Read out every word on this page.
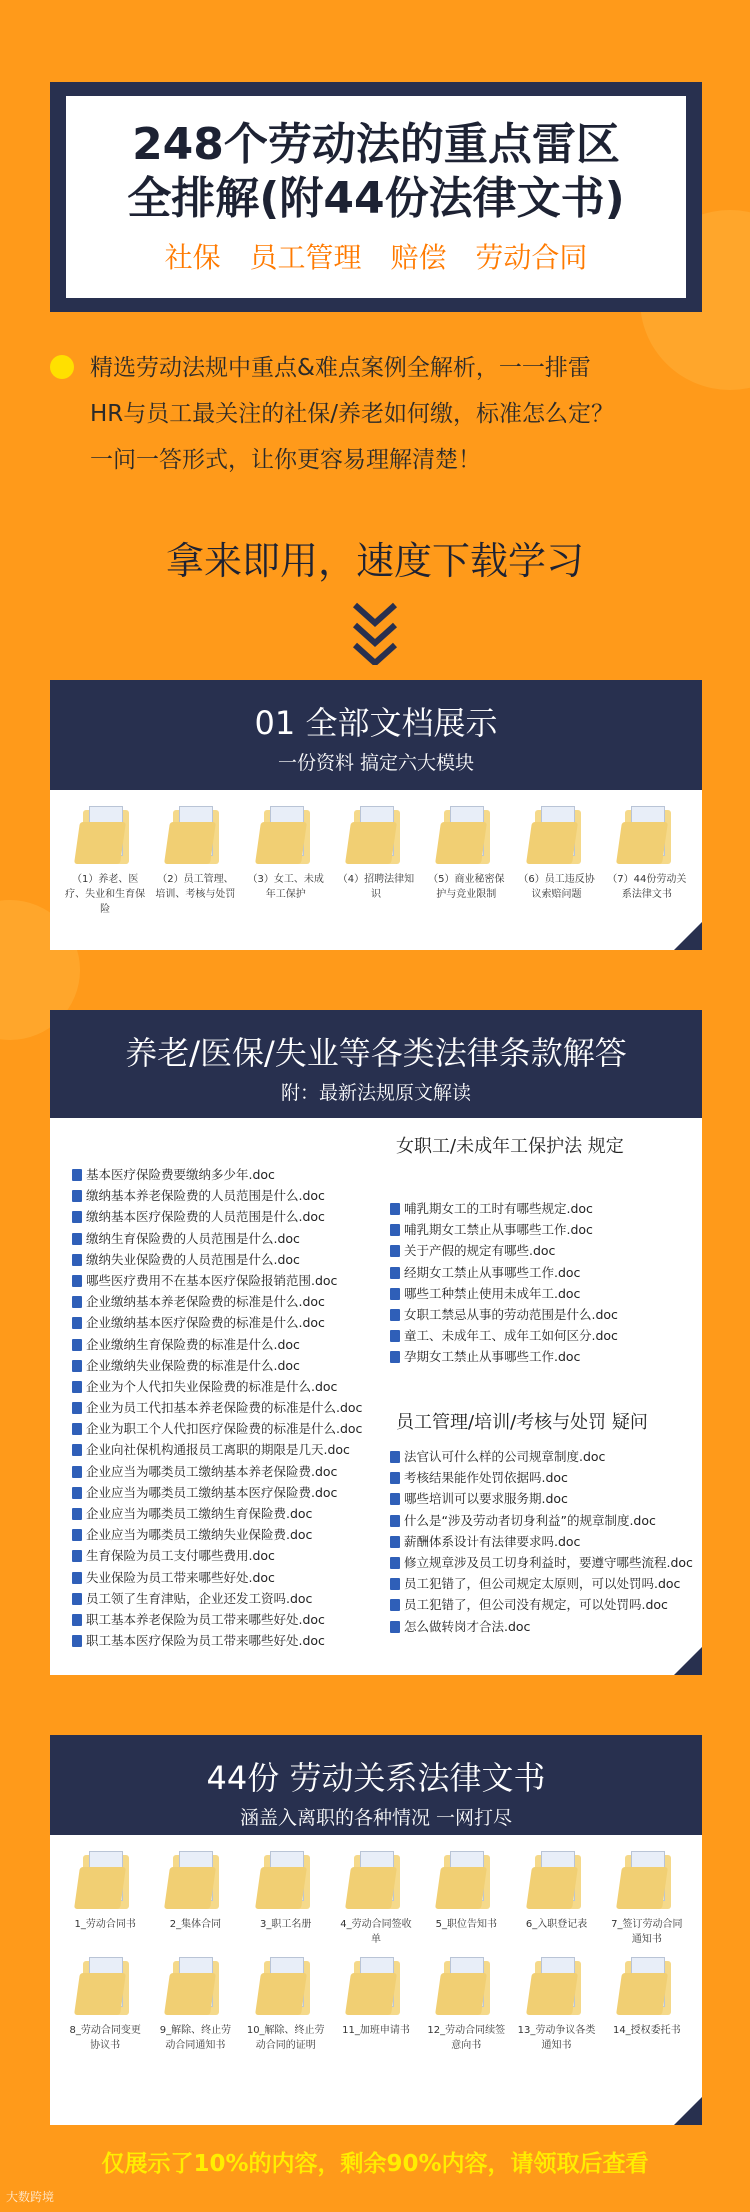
248个劳动法的重点雷区
全排解(附44份法律文书)
社保 员工管理 赔偿 劳动合同

精选劳动法规中重点&难点案例全解析，一一排雷

HR与员工最关注的社保/养老如何缴，标准怎么定？

一问一答形式，让你更容易理解清楚！

拿来即用，速度下载学习
01 全部文档展示
一份资料 搞定六大模块
（1）养老、医疗、失业和生育保险
（2）员工管理、培训、考核与处罚
（3）女工、未成年工保护
（4）招聘法律知识
（5）商业秘密保护与竞业限制
（6）员工违反协议索赔问题
（7）44份劳动关系法律文书
养老/医保/失业等各类法律条款解答
附：最新法规原文解读
女职工/未成年工保护法 规定
基本医疗保险费要缴纳多少年.doc
缴纳基本养老保险费的人员范围是什么.doc
缴纳基本医疗保险费的人员范围是什么.doc
缴纳生育保险费的人员范围是什么.doc
缴纳失业保险费的人员范围是什么.doc
哪些医疗费用不在基本医疗保险报销范围.doc
企业缴纳基本养老保险费的标准是什么.doc
企业缴纳基本医疗保险费的标准是什么.doc
企业缴纳生育保险费的标准是什么.doc
企业缴纳失业保险费的标准是什么.doc
企业为个人代扣失业保险费的标准是什么.doc
企业为员工代扣基本养老保险费的标准是什么.doc
企业为职工个人代扣医疗保险费的标准是什么.doc
企业向社保机构通报员工离职的期限是几天.doc
企业应当为哪类员工缴纳基本养老保险费.doc
企业应当为哪类员工缴纳基本医疗保险费.doc
企业应当为哪类员工缴纳生育保险费.doc
企业应当为哪类员工缴纳失业保险费.doc
生育保险为员工支付哪些费用.doc
失业保险为员工带来哪些好处.doc
员工领了生育津贴，企业还发工资吗.doc
职工基本养老保险为员工带来哪些好处.doc
职工基本医疗保险为员工带来哪些好处.doc
哺乳期女工的工时有哪些规定.doc
哺乳期女工禁止从事哪些工作.doc
关于产假的规定有哪些.doc
经期女工禁止从事哪些工作.doc
哪些工种禁止使用未成年工.doc
女职工禁忌从事的劳动范围是什么.doc
童工、未成年工、成年工如何区分.doc
孕期女工禁止从事哪些工作.doc
员工管理/培训/考核与处罚 疑问
法官认可什么样的公司规章制度.doc
考核结果能作处罚依据吗.doc
哪些培训可以要求服务期.doc
什么是“涉及劳动者切身利益”的规章制度.doc
薪酬体系设计有法律要求吗.doc
修立规章涉及员工切身利益时，要遵守哪些流程.doc
员工犯错了，但公司规定太原则，可以处罚吗.doc
员工犯错了，但公司没有规定，可以处罚吗.doc
怎么做转岗才合法.doc
44份 劳动关系法律文书
涵盖入离职的各种情况 一网打尽
1_劳动合同书	2_集体合同	3_职工名册	4_劳动合同签收单
5_职位告知书	6_入职登记表	7_签订劳动合同通知书
8_劳动合同变更协议书
9_解除、终止劳动合同通知书
10_解除、终止劳动合同的证明
11_加班申请书	12_劳动合同续签意向书
13_劳动争议各类通知书
14_授权委托书
仅展示了10%的内容，剩余90%内容，请领取后查看
大数跨境
